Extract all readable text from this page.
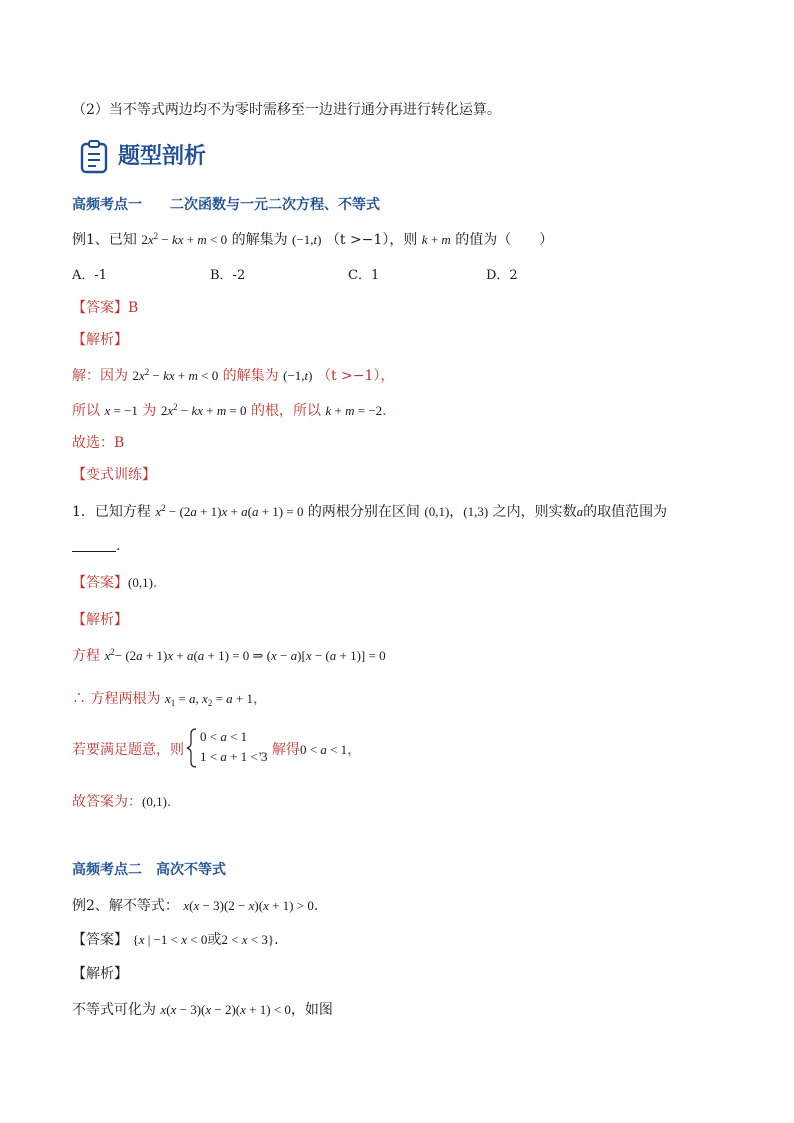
（2）当不等式两边均不为零时需移至一边进行通分再进行转化运算。
题型剖析
高频考点一　　二次函数与一元二次方程、不等式
例1、已知 $2x^2$ − kx + m < 0 的解集为 (−1,t) （t >−1），则 k + m 的值为（　　）
A．-1	B．-2	C．1	D．2
【答案】B
【解析】
解：因为 $2x^2$ − kx + m < 0 的解集为 (−1,t) （t >−1），
所以 x = −1 为 $2x^2$ − kx + m = 0 的根，所以 k + m = −2.
故选：B
【变式训练】
1．已知方程 $x^2 - (2a + 1)x + a(a + 1) = 0$ 的两根分别在区间 (0,1)，(1,3) 之内，则实数a的取值范围为
.
【答案】(0,1).
【解析】
方程 $x^2- (2a + 1)x + a(a + 1) = 0$ ⇒ (x − a)[x − (a + 1)] = 0
∴ 方程两根为 $x_1 = a$, $x_2 = a + 1$，
若要满足题意，则
0 < a < 1
1 < a + 1 < 3
，解得0 < a < 1，
故答案为：(0,1).
高频考点二　高次不等式
例2、解不等式： x(x − 3)(2 − x)(x + 1) > 0.
【答案】 {x | −1 < x < 0或2 < x < 3}.
【解析】
不等式可化为 x(x − 3)(x − 2)(x + 1) < 0，如图
